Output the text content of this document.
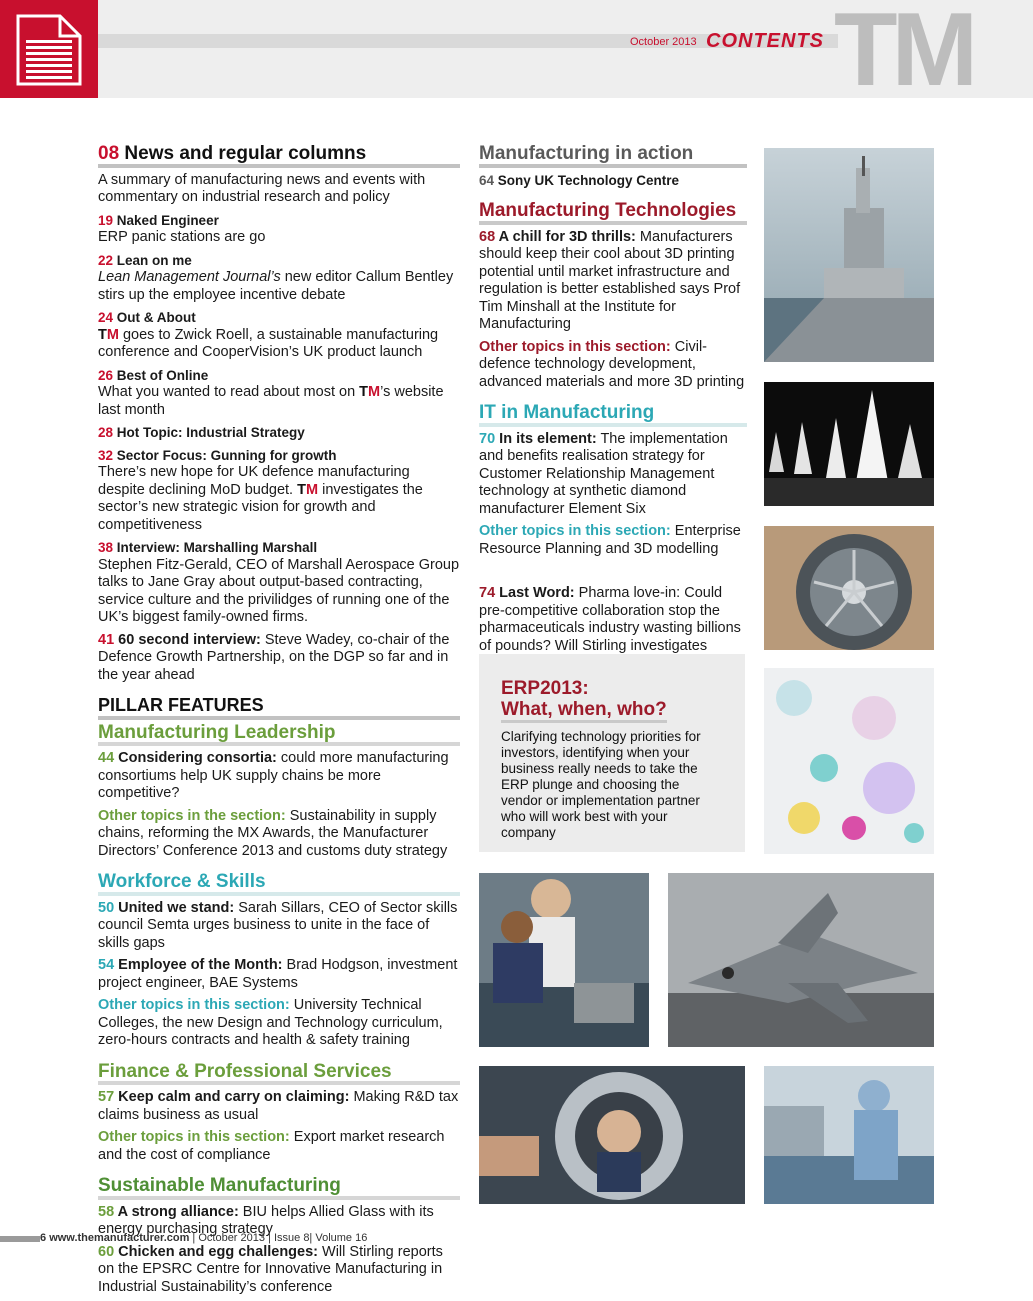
October 2013 CONTENTS TM
08 News and regular columns
A summary of manufacturing news and events with commentary on industrial research and policy
19 Naked Engineer
ERP panic stations are go
22 Lean on me
Lean Management Journal’s new editor Callum Bentley stirs up the employee incentive debate
24 Out & About
TM goes to Zwick Roell, a sustainable manufacturing conference and CooperVision’s UK product launch
26 Best of Online
What you wanted to read about most on TM’s website last month
28 Hot Topic: Industrial Strategy
32 Sector Focus: Gunning for growth
There’s new hope for UK defence manufacturing despite declining MoD budget. TM investigates the sector’s new strategic vision for growth and competitiveness
38 Interview: Marshalling Marshall
Stephen Fitz-Gerald, CEO of Marshall Aerospace Group talks to Jane Gray about output-based contracting, service culture and the privilidges of running one of the UK’s biggest family-owned firms.
41 60 second interview: Steve Wadey, co-chair of the Defence Growth Partnership, on the DGP so far and in the year ahead
PILLAR FEATURES
Manufacturing Leadership
44 Considering consortia: could more manufacturing consortiums help UK supply chains be more competitive?
Other topics in the section: Sustainability in supply chains, reforming the MX Awards, the Manufacturer Directors’ Conference 2013 and customs duty strategy
Workforce & Skills
50 United we stand: Sarah Sillars, CEO of Sector skills council Semta urges business to unite in the face of skills gaps
54 Employee of the Month: Brad Hodgson, investment project engineer, BAE Systems
Other topics in this section: University Technical Colleges, the new Design and Technology curriculum, zero-hours contracts and health & safety training
Finance & Professional Services
57 Keep calm and carry on claiming: Making R&D tax claims business as usual
Other topics in this section: Export market research and the cost of compliance
Sustainable Manufacturing
58 A strong alliance: BIU helps Allied Glass with its energy purchasing strategy
60 Chicken and egg challenges: Will Stirling reports on the EPSRC Centre for Innovative Manufacturing in Industrial Sustainability’s conference
Manufacturing in action
64 Sony UK Technology Centre
Manufacturing Technologies
68 A chill for 3D thrills: Manufacturers should keep their cool about 3D printing potential until market infrastructure and regulation is better established says Prof Tim Minshall at the Institute for Manufacturing
Other topics in this section: Civil-defence technology development, advanced materials and more 3D printing
IT in Manufacturing
70 In its element: The implementation and benefits realisation strategy for Customer Relationship Management technology at synthetic diamond manufacturer Element Six
Other topics in this section: Enterprise Resource Planning and 3D modelling
74 Last Word: Pharma love-in: Could pre-competitive collaboration stop the pharmaceuticals industry wasting billions of pounds? Will Stirling investigates
ERP2013:
What, when, who?
Clarifying technology priorities for investors, identifying when your business really needs to take the ERP plunge and choosing the vendor or implementation partner who will work best with your company
6 www.themanufacturer.com | October 2013 | Issue 8| Volume 16
